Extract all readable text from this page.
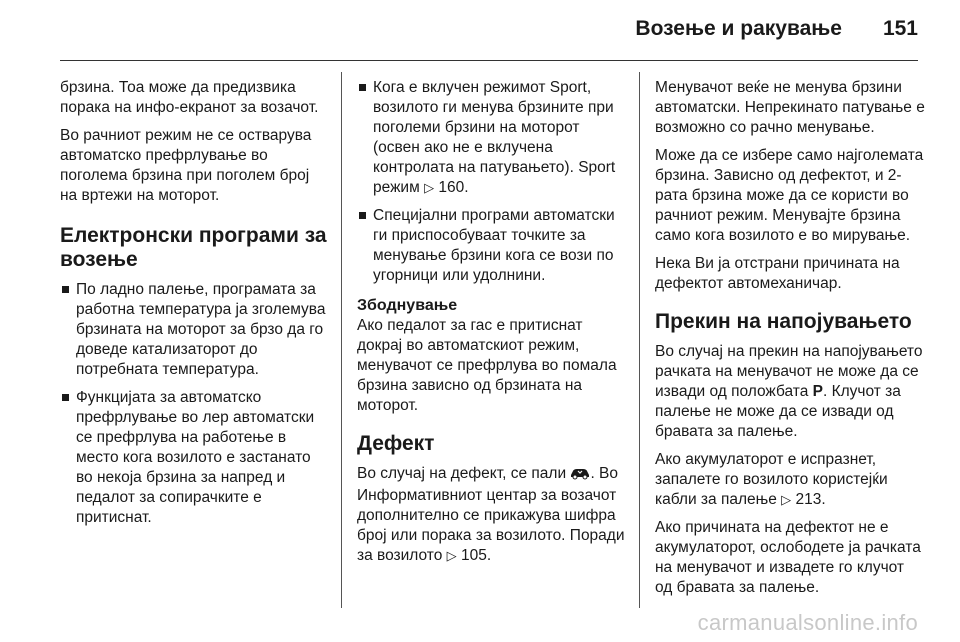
Возење и ракување 151

брзина. Тоа може да предизвика порака на инфо-екранот за возачот.

Во рачниот режим не се остварува автоматско префрлување во поголема брзина при поголем број на вртежи на моторот.

Електронски програми за возење
По ладно палење, програмата за работна температура ја зголемува брзината на моторот за брзо да го доведе катализаторот до потребната температура.
Функцијата за автоматско префрлување во лер автоматски се префрлува на работење в место кога возилото е застанато во некоја брзина за напред и педалот за сопирачките е притиснат.
Кога е вклучен режимот Sport, возилото ги менува брзините при поголеми брзини на моторот (освен ако не е вклучена контролата на патувањето). Sport режим ▷ 160.
Специјални програми автоматски ги приспособуваат точките за менување брзини кога се вози по угорници или удолнини.
Збоднување

Ако педалот за гас е притиснат докрај во автоматскиот режим, менувачот се префрлува во помала брзина зависно од брзината на моторот.

Дефект

Во случај на дефект, се пали . Во Информативниот центар за возачот дополнително се прикажува шифра број или порака за возилото. Поради за возилото ▷ 105.

Менувачот веќе не менува брзини автоматски. Непрекинато патување е возможно со рачно менување.

Може да се избере само најголемата брзина. Зависно од дефектот, и 2-рата брзина може да се користи во рачниот режим. Менувајте брзина само кога возилото е во мирување.

Нека Ви ја отстрани причината на дефектот автомеханичар.

Прекин на напојувањето

Во случај на прекин на напојувањето рачката на менувачот не може да се извади од положбата P. Клучот за палење не може да се извади од бравата за палење.

Ако акумулаторот е испразнет, запалете го возилото користејќи кабли за палење ▷ 213.

Ако причината на дефектот не е акумулаторот, ослободете ја рачката на менувачот и извадете го клучот од бравата за палење.

carmanualsonline.info
